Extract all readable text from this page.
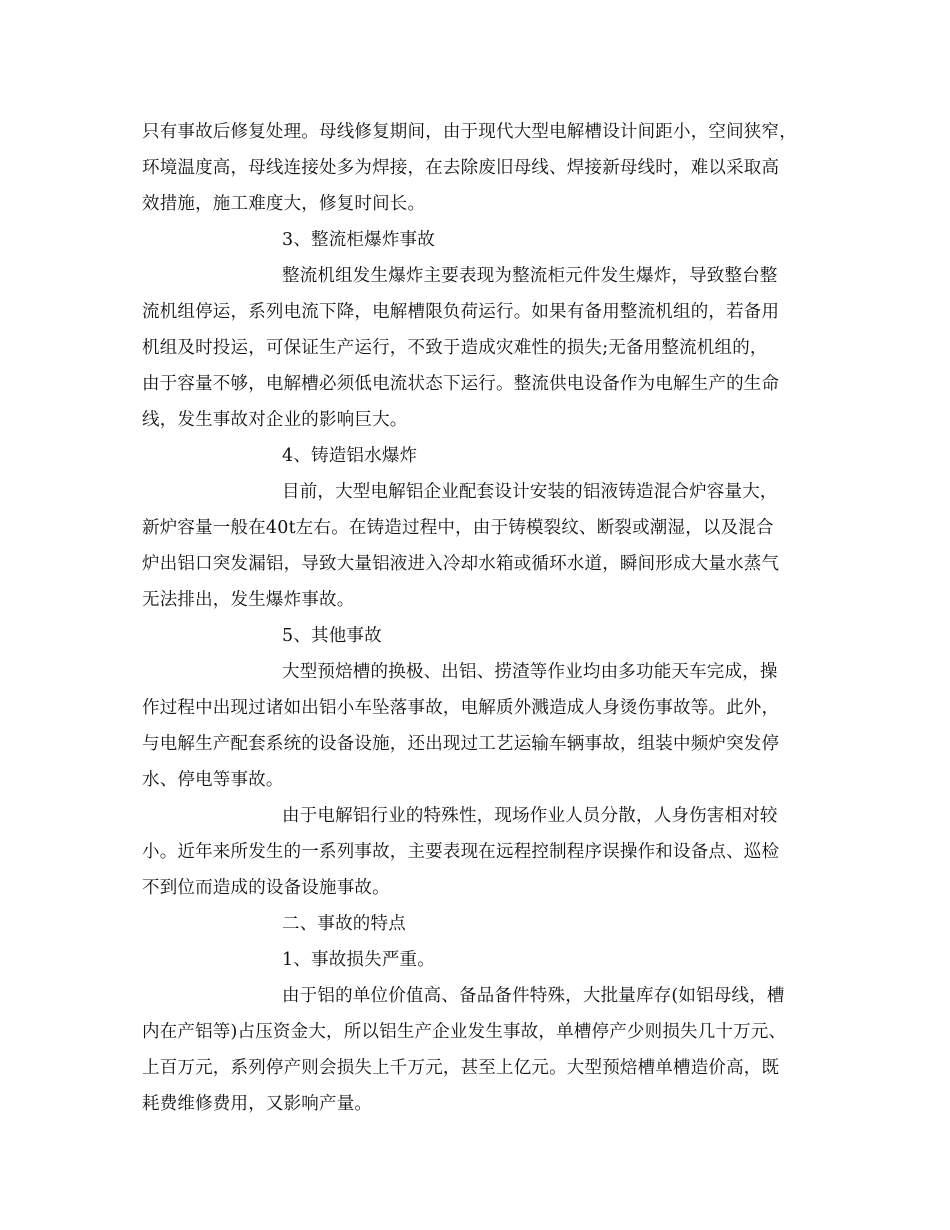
只有事故后修复处理。母线修复期间，由于现代大型电解槽设计间距小，空间狭窄，
环境温度高，母线连接处多为焊接，在去除废旧母线、焊接新母线时，难以采取高
效措施，施工难度大，修复时间长。
3、整流柜爆炸事故
整流机组发生爆炸主要表现为整流柜元件发生爆炸，导致整台整
流机组停运，系列电流下降，电解槽限负荷运行。如果有备用整流机组的，若备用
机组及时投运，可保证生产运行，不致于造成灾难性的损失;无备用整流机组的，
由于容量不够，电解槽必须低电流状态下运行。整流供电设备作为电解生产的生命
线，发生事故对企业的影响巨大。
4、铸造铝水爆炸
目前，大型电解铝企业配套设计安装的铝液铸造混合炉容量大，
新炉容量一般在40t左右。在铸造过程中，由于铸模裂纹、断裂或潮湿，以及混合
炉出铝口突发漏铝，导致大量铝液进入冷却水箱或循环水道，瞬间形成大量水蒸气
无法排出，发生爆炸事故。
5、其他事故
大型预焙槽的换极、出铝、捞渣等作业均由多功能天车完成，操
作过程中出现过诸如出铝小车坠落事故，电解质外溅造成人身烫伤事故等。此外，
与电解生产配套系统的设备设施，还出现过工艺运输车辆事故，组装中频炉突发停
水、停电等事故。
由于电解铝行业的特殊性，现场作业人员分散，人身伤害相对较
小。近年来所发生的一系列事故，主要表现在远程控制程序误操作和设备点、巡检
不到位而造成的设备设施事故。
二、事故的特点
1、事故损失严重。
由于铝的单位价值高、备品备件特殊，大批量库存(如铝母线，槽
内在产铝等)占压资金大，所以铝生产企业发生事故，单槽停产少则损失几十万元、
上百万元，系列停产则会损失上千万元，甚至上亿元。大型预焙槽单槽造价高，既
耗费维修费用，又影响产量。
